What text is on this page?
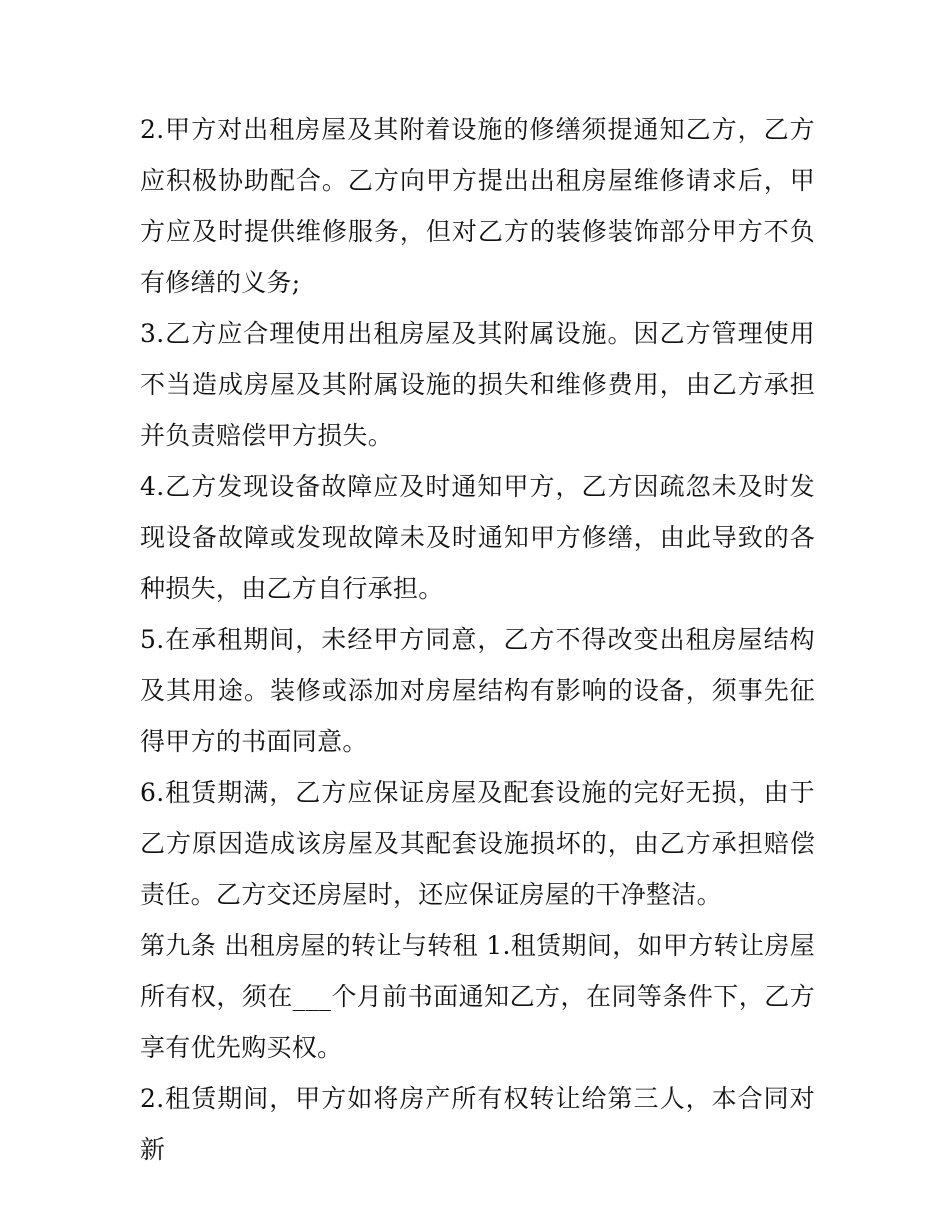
2.甲方对出租房屋及其附着设施的修缮须提通知乙方，乙方应积极协助配合。乙方向甲方提出出租房屋维修请求后，甲方应及时提供维修服务，但对乙方的装修装饰部分甲方不负有修缮的义务;

3.乙方应合理使用出租房屋及其附属设施。因乙方管理使用不当造成房屋及其附属设施的损失和维修费用，由乙方承担并负责赔偿甲方损失。

4.乙方发现设备故障应及时通知甲方，乙方因疏忽未及时发现设备故障或发现故障未及时通知甲方修缮，由此导致的各种损失，由乙方自行承担。

5.在承租期间，未经甲方同意，乙方不得改变出租房屋结构及其用途。装修或添加对房屋结构有影响的设备，须事先征得甲方的书面同意。

6.租赁期满，乙方应保证房屋及配套设施的完好无损，由于乙方原因造成该房屋及其配套设施损坏的，由乙方承担赔偿责任。乙方交还房屋时，还应保证房屋的干净整洁。

第九条 出租房屋的转让与转租 1.租赁期间，如甲方转让房屋所有权，须在___个月前书面通知乙方，在同等条件下，乙方享有优先购买权。

2.租赁期间，甲方如将房产所有权转让给第三人，本合同对新
